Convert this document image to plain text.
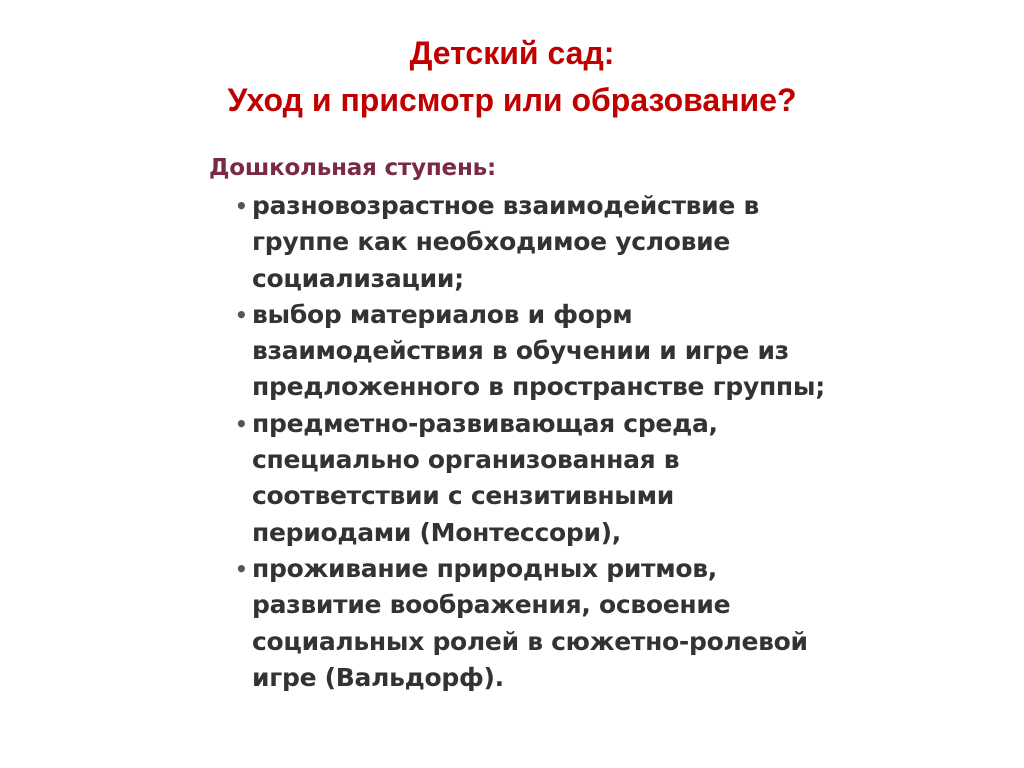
Детский сад:
Уход и присмотр или образование?
Дошкольная ступень:
• разновозрастное взаимодействие в
группе как необходимое условие
социализации;
• выбор материалов и форм
взаимодействия в обучении и игре из
предложенного в пространстве группы;
• предметно-развивающая среда,
специально организованная в
соответствии с сензитивными
периодами (Монтессори),
• проживание природных ритмов,
развитие воображения, освоение
социальных ролей в сюжетно-ролевой
игре (Вальдорф).
